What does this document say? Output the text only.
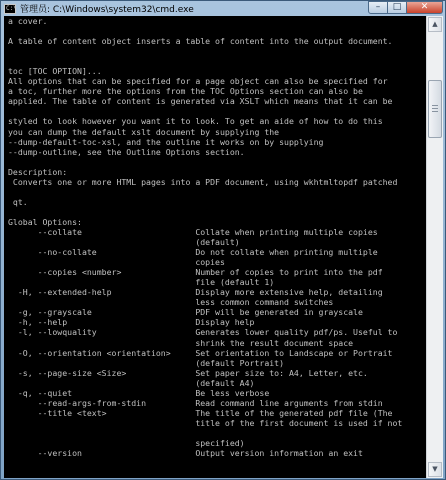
C:\ 管理员: C:\Windows\system32\cmd.exe	–	□	✕
a cover.

A table of content object inserts a table of content into the output document.

toc [TOC OPTION]...
All options that can be specified for a page object can also be specified for
a toc, further more the options from the TOC Options section can also be
applied. The table of content is generated via XSLT which means that it can be

styled to look however you want it to look. To get an aide of how to do this
you can dump the default xslt document by supplying the
--dump-default-toc-xsl, and the outline it works on by supplying
--dump-outline, see the Outline Options section.

Description:
Converts one or more HTML pages into a PDF document, using wkhtmltopdf patched

qt.

Global Options:
--collate                       Collate when printing multiple copies
(default)
--no-collate                    Do not collate when printing multiple
copies
--copies <number>               Number of copies to print into the pdf
file (default 1)
-H, --extended-help                 Display more extensive help, detailing
less common command switches
-g, --grayscale                     PDF will be generated in grayscale
-h, --help                          Display help
-l, --lowquality                    Generates lower quality pdf/ps. Useful to
shrink the result document space
-O, --orientation <orientation>     Set orientation to Landscape or Portrait
(default Portrait)
-s, --page-size <Size>              Set paper size to: A4, Letter, etc.
(default A4)
-q, --quiet                         Be less verbose
--read-args-from-stdin          Read command line arguments from stdin
--title <text>                  The title of the generated pdf file (The
title of the first document is used if not

specified)
--version                       Output version information an exit
▲
▼
